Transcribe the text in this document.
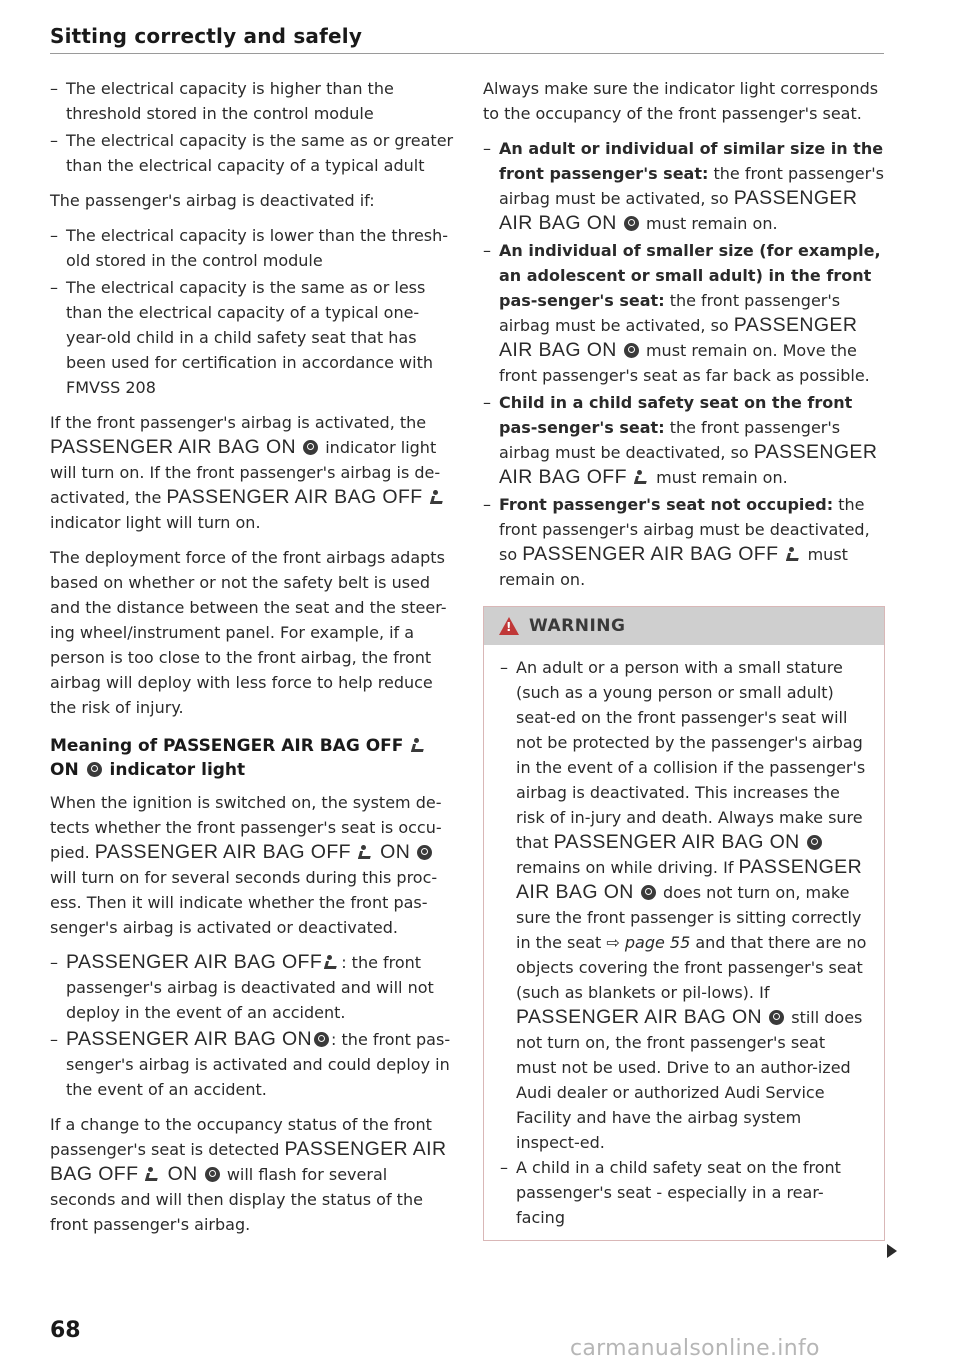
Sitting correctly and safely
– The electrical capacity is higher than the threshold stored in the control module
– The electrical capacity is the same as or greater than the electrical capacity of a typical adult

The passenger's airbag is deactivated if:

– The electrical capacity is lower than the thresh-old stored in the control module
– The electrical capacity is the same as or less than the electrical capacity of a typical one-year-old child in a child safety seat that has been used for certification in accordance with FMVSS 208

If the front passenger's airbag is activated, the PASSENGER AIR BAG ON indicator light will turn on. If the front passenger's airbag is de-activated, the PASSENGER AIR BAG OFF  indicator light will turn on.

The deployment force of the front airbags adapts based on whether or not the safety belt is used and the distance between the seat and the steer-ing wheel/instrument panel. For example, if a person is too close to the front airbag, the front airbag will deploy with less force to help reduce the risk of injury.

Meaning of PASSENGER AIR BAG OFF  ON indicator light

When the ignition is switched on, the system de-tects whether the front passenger's seat is occu-pied. PASSENGER AIR BAG OFF ON  will turn on for several seconds during this proc-ess. Then it will indicate whether the front pas-senger's airbag is activated or deactivated.

– PASSENGER AIR BAG OFF : the front passenger's airbag is deactivated and will not deploy in the event of an accident.
– PASSENGER AIR BAG ON : the front pas-senger's airbag is activated and could deploy in the event of an accident.

If a change to the occupancy status of the front passenger's seat is detected PASSENGER AIR BAG OFF ON will flash for several seconds and will then display the status of the front passenger's airbag.

Always make sure the indicator light corresponds to the occupancy of the front passenger's seat.

– An adult or individual of similar size in the front passenger's seat: the front passenger's airbag must be activated, so PASSENGER AIR BAG ON must remain on.
– An individual of smaller size (for example, an adolescent or small adult) in the front pas-senger's seat: the front passenger's airbag must be activated, so PASSENGER AIR BAG ON must remain on. Move the front passenger's seat as far back as possible.
– Child in a child safety seat on the front pas-senger's seat: the front passenger's airbag must be deactivated, so PASSENGER AIR BAG OFF must remain on.
– Front passenger's seat not occupied: the front passenger's airbag must be deactivated, so PASSENGER AIR BAG OFF must remain on.
!
WARNING
– An adult or a person with a small stature (such as a young person or small adult) seat-ed on the front passenger's seat will not be protected by the passenger's airbag in the event of a collision if the passenger's airbag is deactivated. This increases the risk of in-jury and death. Always make sure that PASSENGER AIR BAG ON  remains on while driving. If PASSENGER AIR BAG ON does not turn on, make sure the front passenger is sitting correctly in the seat ⇨ page 55 and that there are no objects covering the front passenger's seat (such as blankets or pil-lows). If PASSENGER AIR BAG ON still does not turn on, the front passenger's seat must not be used. Drive to an author-ized Audi dealer or authorized Audi Service Facility and have the airbag system inspect-ed.
– A child in a child safety seat on the front passenger's seat - especially in a rear-facing
68
carmanualsonline.info
